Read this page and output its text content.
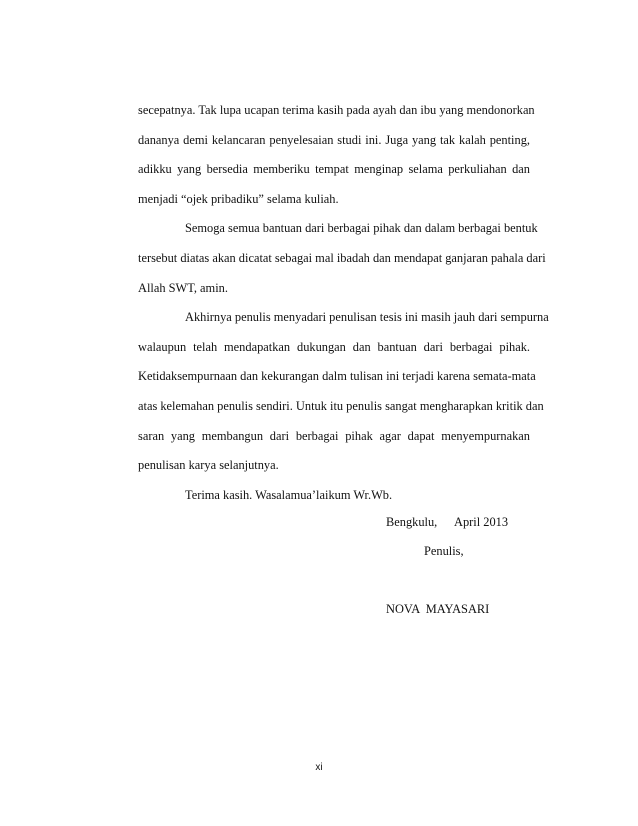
secepatnya. Tak lupa ucapan terima kasih pada ayah dan ibu yang mendonorkan
dananya demi kelancaran penyelesaian studi ini. Juga yang tak kalah penting,
adikku yang bersedia memberiku tempat menginap selama perkuliahan dan
menjadi “ojek pribadiku” selama kuliah.
Semoga semua bantuan dari berbagai pihak dan dalam berbagai bentuk
tersebut diatas akan dicatat sebagai mal ibadah dan mendapat ganjaran pahala dari
Allah SWT, amin.
Akhirnya penulis menyadari penulisan tesis ini masih jauh dari sempurna
walaupun telah mendapatkan dukungan dan bantuan dari berbagai pihak.
Ketidaksempurnaan dan kekurangan dalm tulisan ini terjadi karena semata-mata
atas kelemahan penulis sendiri. Untuk itu penulis sangat mengharapkan kritik dan
saran yang membangun dari berbagai pihak agar dapat menyempurnakan
penulisan karya selanjutnya.
Terima kasih. Wasalamua’laikum Wr.Wb.
Bengkulu, April 2013
Penulis,
NOVA  MAYASARI
xi
